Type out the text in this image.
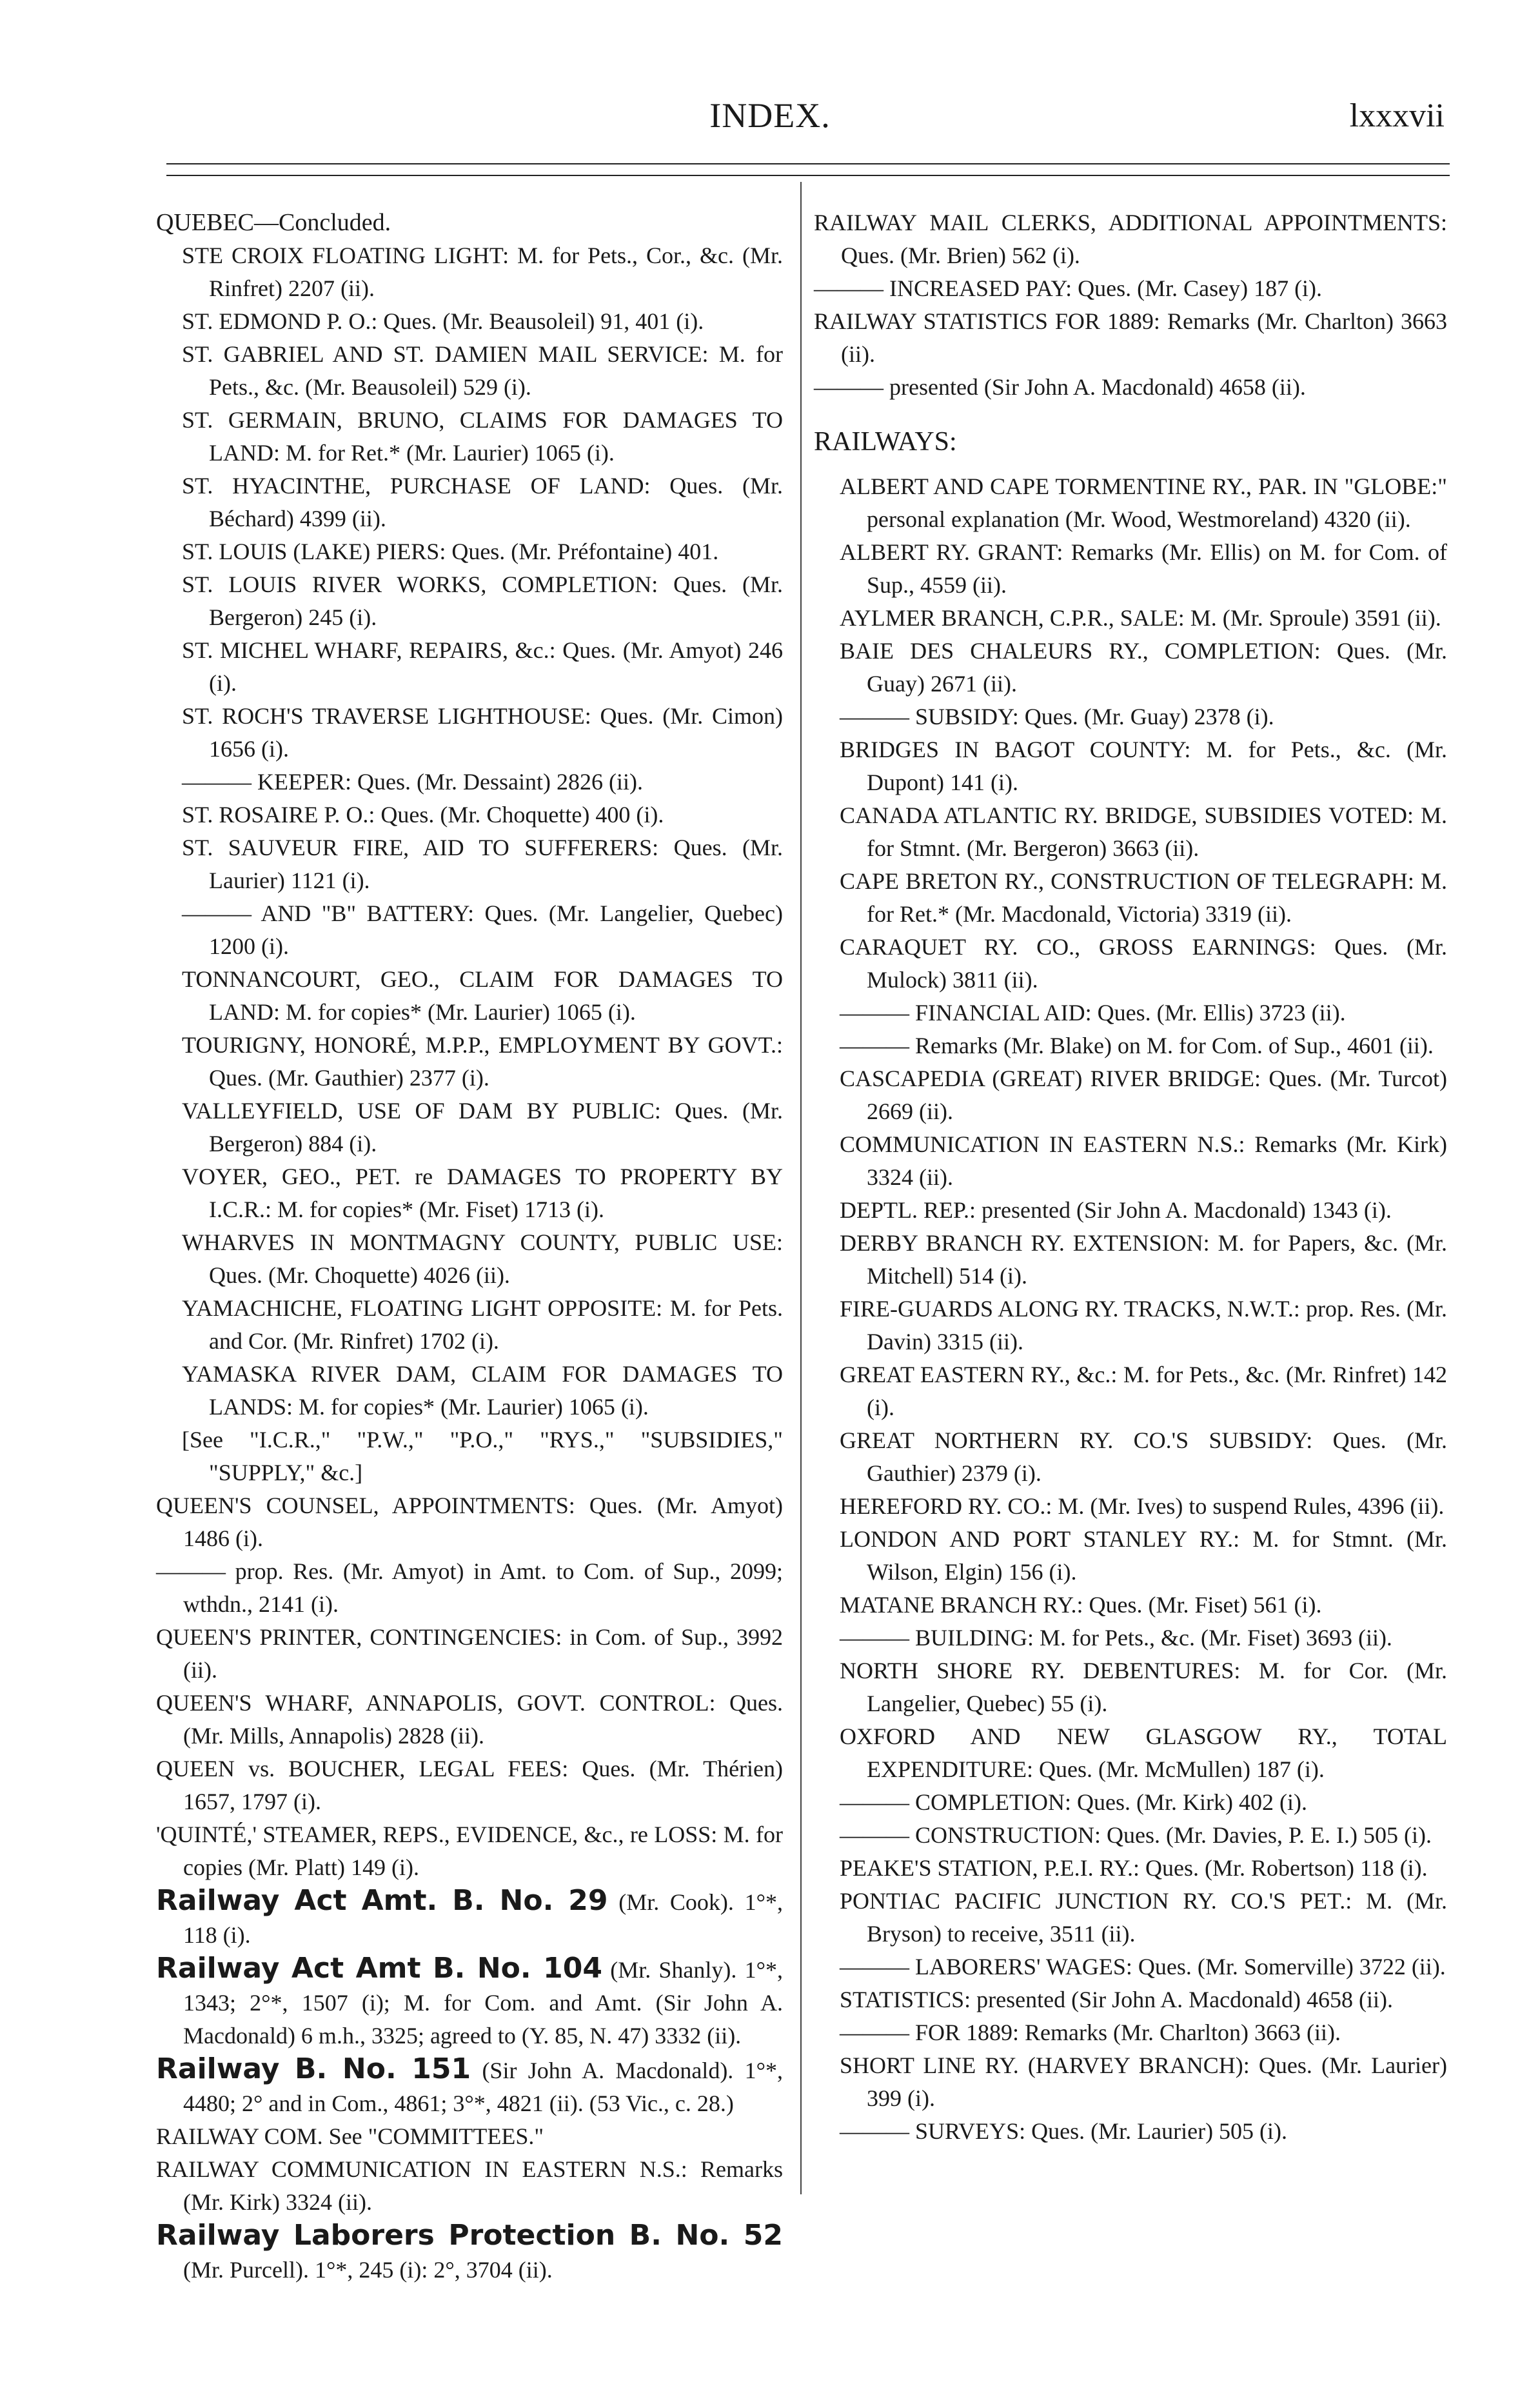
INDEX.	lxxxvii
QUEBEC—Concluded.
STE CROIX FLOATING LIGHT: M. for Pets., Cor., &c. (Mr. Rinfret) 2207 (ii).
ST. EDMOND P. O.: Ques. (Mr. Beausoleil) 91, 401 (i).
ST. GABRIEL AND ST. DAMIEN MAIL SERVICE: M. for Pets., &c. (Mr. Beausoleil) 529 (i).
ST. GERMAIN, BRUNO, CLAIMS FOR DAMAGES TO LAND: M. for Ret.* (Mr. Laurier) 1065 (i).
ST. HYACINTHE, PURCHASE OF LAND: Ques. (Mr. Béchard) 4399 (ii).
ST. LOUIS (LAKE) PIERS: Ques. (Mr. Préfontaine) 401.
ST. LOUIS RIVER WORKS, COMPLETION: Ques. (Mr. Bergeron) 245 (i).
ST. MICHEL WHARF, REPAIRS, &c.: Ques. (Mr. Amyot) 246 (i).
ST. ROCH'S TRAVERSE LIGHTHOUSE: Ques. (Mr. Cimon) 1656 (i).
——— KEEPER: Ques. (Mr. Dessaint) 2826 (ii).
ST. ROSAIRE P. O.: Ques. (Mr. Choquette) 400 (i).
ST. SAUVEUR FIRE, AID TO SUFFERERS: Ques. (Mr. Laurier) 1121 (i).
——— AND "B" BATTERY: Ques. (Mr. Langelier, Quebec) 1200 (i).
TONNANCOURT, GEO., CLAIM FOR DAMAGES TO LAND: M. for copies* (Mr. Laurier) 1065 (i).
TOURIGNY, HONORÉ, M.P.P., EMPLOYMENT BY GOVT.: Ques. (Mr. Gauthier) 2377 (i).
VALLEYFIELD, USE OF DAM BY PUBLIC: Ques. (Mr. Bergeron) 884 (i).
VOYER, GEO., PET. re DAMAGES TO PROPERTY BY I.C.R.: M. for copies* (Mr. Fiset) 1713 (i).
WHARVES IN MONTMAGNY COUNTY, PUBLIC USE: Ques. (Mr. Choquette) 4026 (ii).
YAMACHICHE, FLOATING LIGHT OPPOSITE: M. for Pets. and Cor. (Mr. Rinfret) 1702 (i).
YAMASKA RIVER DAM, CLAIM FOR DAMAGES TO LANDS: M. for copies* (Mr. Laurier) 1065 (i).
[See "I.C.R.," "P.W.," "P.O.," "RYS.," "SUBSIDIES," "SUPPLY," &c.]
QUEEN'S COUNSEL, APPOINTMENTS: Ques. (Mr. Amyot) 1486 (i).
——— prop. Res. (Mr. Amyot) in Amt. to Com. of Sup., 2099; wthdn., 2141 (i).
QUEEN'S PRINTER, CONTINGENCIES: in Com. of Sup., 3992 (ii).
QUEEN'S WHARF, ANNAPOLIS, GOVT. CONTROL: Ques. (Mr. Mills, Annapolis) 2828 (ii).
QUEEN vs. BOUCHER, LEGAL FEES: Ques. (Mr. Thérien) 1657, 1797 (i).
'QUINTÉ,' STEAMER, REPS., EVIDENCE, &c., re LOSS: M. for copies (Mr. Platt) 149 (i).
Railway Act Amt. B. No. 29 (Mr. Cook). 1°*, 118 (i).
Railway Act Amt B. No. 104 (Mr. Shanly). 1°*, 1343; 2°*, 1507 (i); M. for Com. and Amt. (Sir John A. Macdonald) 6 m.h., 3325; agreed to (Y. 85, N. 47) 3332 (ii).
Railway B. No. 151 (Sir John A. Macdonald). 1°*, 4480; 2° and in Com., 4861; 3°*, 4821 (ii). (53 Vic., c. 28.)
RAILWAY COM. See "COMMITTEES."
RAILWAY COMMUNICATION IN EASTERN N.S.: Remarks (Mr. Kirk) 3324 (ii).
Railway Laborers Protection B. No. 52 (Mr. Purcell). 1°*, 245 (i): 2°, 3704 (ii).
RAILWAY MAIL CLERKS, ADDITIONAL APPOINTMENTS: Ques. (Mr. Brien) 562 (i).
——— INCREASED PAY: Ques. (Mr. Casey) 187 (i).
RAILWAY STATISTICS FOR 1889: Remarks (Mr. Charlton) 3663 (ii).
——— presented (Sir John A. Macdonald) 4658 (ii).
RAILWAYS:
ALBERT AND CAPE TORMENTINE RY., PAR. IN "GLOBE:" personal explanation (Mr. Wood, Westmoreland) 4320 (ii).
ALBERT RY. GRANT: Remarks (Mr. Ellis) on M. for Com. of Sup., 4559 (ii).
AYLMER BRANCH, C.P.R., SALE: M. (Mr. Sproule) 3591 (ii).
BAIE DES CHALEURS RY., COMPLETION: Ques. (Mr. Guay) 2671 (ii).
——— SUBSIDY: Ques. (Mr. Guay) 2378 (i).
BRIDGES IN BAGOT COUNTY: M. for Pets., &c. (Mr. Dupont) 141 (i).
CANADA ATLANTIC RY. BRIDGE, SUBSIDIES VOTED: M. for Stmnt. (Mr. Bergeron) 3663 (ii).
CAPE BRETON RY., CONSTRUCTION OF TELEGRAPH: M. for Ret.* (Mr. Macdonald, Victoria) 3319 (ii).
CARAQUET RY. CO., GROSS EARNINGS: Ques. (Mr. Mulock) 3811 (ii).
——— FINANCIAL AID: Ques. (Mr. Ellis) 3723 (ii).
——— Remarks (Mr. Blake) on M. for Com. of Sup., 4601 (ii).
CASCAPEDIA (GREAT) RIVER BRIDGE: Ques. (Mr. Turcot) 2669 (ii).
COMMUNICATION IN EASTERN N.S.: Remarks (Mr. Kirk) 3324 (ii).
DEPTL. REP.: presented (Sir John A. Macdonald) 1343 (i).
DERBY BRANCH RY. EXTENSION: M. for Papers, &c. (Mr. Mitchell) 514 (i).
FIRE-GUARDS ALONG RY. TRACKS, N.W.T.: prop. Res. (Mr. Davin) 3315 (ii).
GREAT EASTERN RY., &c.: M. for Pets., &c. (Mr. Rinfret) 142 (i).
GREAT NORTHERN RY. CO.'S SUBSIDY: Ques. (Mr. Gauthier) 2379 (i).
HEREFORD RY. CO.: M. (Mr. Ives) to suspend Rules, 4396 (ii).
LONDON AND PORT STANLEY RY.: M. for Stmnt. (Mr. Wilson, Elgin) 156 (i).
MATANE BRANCH RY.: Ques. (Mr. Fiset) 561 (i).
——— BUILDING: M. for Pets., &c. (Mr. Fiset) 3693 (ii).
NORTH SHORE RY. DEBENTURES: M. for Cor. (Mr. Langelier, Quebec) 55 (i).
OXFORD AND NEW GLASGOW RY., TOTAL EXPENDITURE: Ques. (Mr. McMullen) 187 (i).
——— COMPLETION: Ques. (Mr. Kirk) 402 (i).
——— CONSTRUCTION: Ques. (Mr. Davies, P. E. I.) 505 (i).
PEAKE'S STATION, P.E.I. RY.: Ques. (Mr. Robertson) 118 (i).
PONTIAC PACIFIC JUNCTION RY. CO.'S PET.: M. (Mr. Bryson) to receive, 3511 (ii).
——— LABORERS' WAGES: Ques. (Mr. Somerville) 3722 (ii).
STATISTICS: presented (Sir John A. Macdonald) 4658 (ii).
——— FOR 1889: Remarks (Mr. Charlton) 3663 (ii).
SHORT LINE RY. (HARVEY BRANCH): Ques. (Mr. Laurier) 399 (i).
——— SURVEYS: Ques. (Mr. Laurier) 505 (i).
